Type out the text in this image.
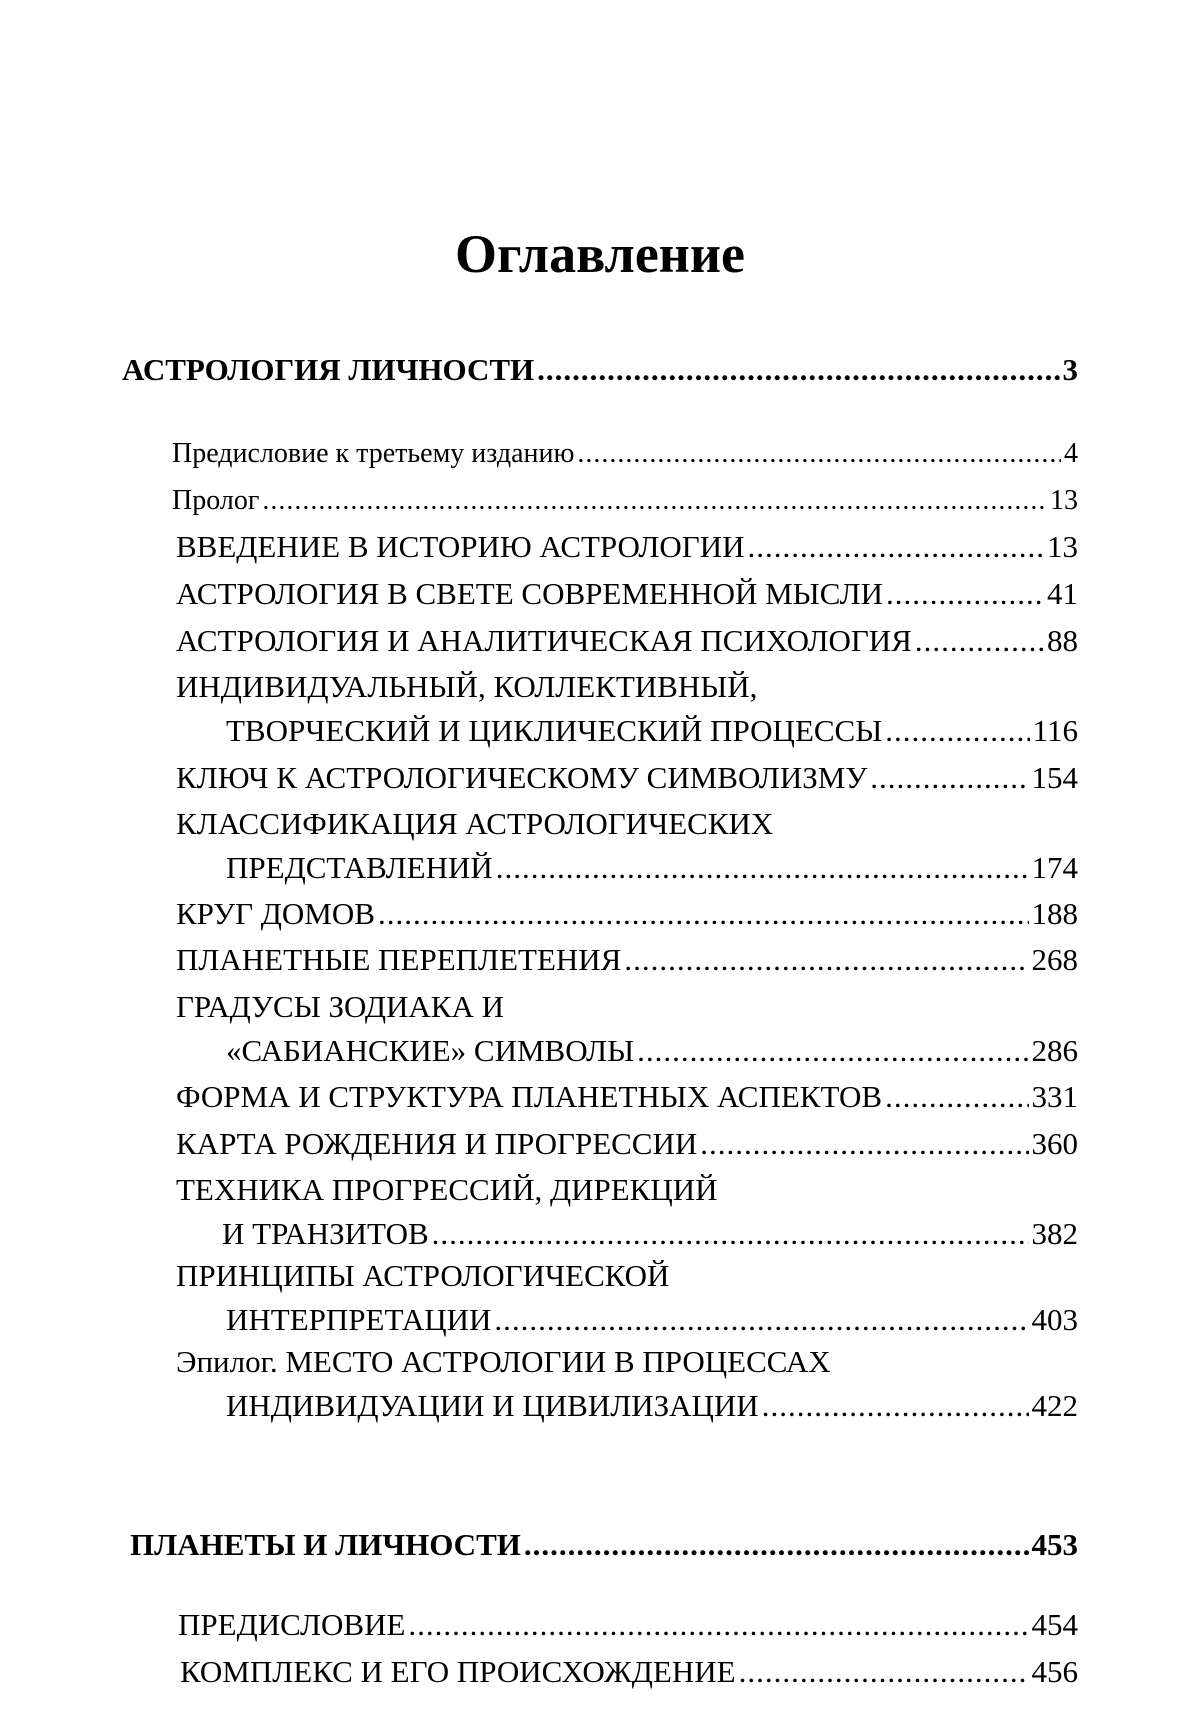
Оглавление
АСТРОЛОГИЯ ЛИЧНОСТИ .....	3
Предисловие к третьему изданию .....	4
Пролог .....	13
ВВЕДЕНИЕ В ИСТОРИЮ АСТРОЛОГИИ .....	13
АСТРОЛОГИЯ В СВЕТЕ СОВРЕМЕННОЙ МЫСЛИ .....	41
АСТРОЛОГИЯ И АНАЛИТИЧЕСКАЯ ПСИХОЛОГИЯ .....	88
ИНДИВИДУАЛЬНЫЙ, КОЛЛЕКТИВНЫЙ,
ТВОРЧЕСКИЙ И ЦИКЛИЧЕСКИЙ ПРОЦЕССЫ .....	116
КЛЮЧ К АСТРОЛОГИЧЕСКОМУ СИМВОЛИЗМУ .....	154
КЛАССИФИКАЦИЯ АСТРОЛОГИЧЕСКИХ
ПРЕДСТАВЛЕНИЙ .....	174
КРУГ ДОМОВ .....	188
ПЛАНЕТНЫЕ ПЕРЕПЛЕТЕНИЯ .....	268
ГРАДУСЫ ЗОДИАКА И
«САБИАНСКИЕ» СИМВОЛЫ .....	286
ФОРМА И СТРУКТУРА ПЛАНЕТНЫХ АСПЕКТОВ .....	331
КАРТА РОЖДЕНИЯ И ПРОГРЕССИИ .....	360
ТЕХНИКА ПРОГРЕССИЙ, ДИРЕКЦИЙ
И ТРАНЗИТОВ .....	382
ПРИНЦИПЫ АСТРОЛОГИЧЕСКОЙ
ИНТЕРПРЕТАЦИИ .....	403
Эпилог. МЕСТО АСТРОЛОГИИ В ПРОЦЕССАХ
ИНДИВИДУАЦИИ И ЦИВИЛИЗАЦИИ .....	422
ПЛАНЕТЫ И ЛИЧНОСТИ .....	453
ПРЕДИСЛОВИЕ .....	454
КОМПЛЕКС И ЕГО ПРОИСХОЖДЕНИЕ .....	456
